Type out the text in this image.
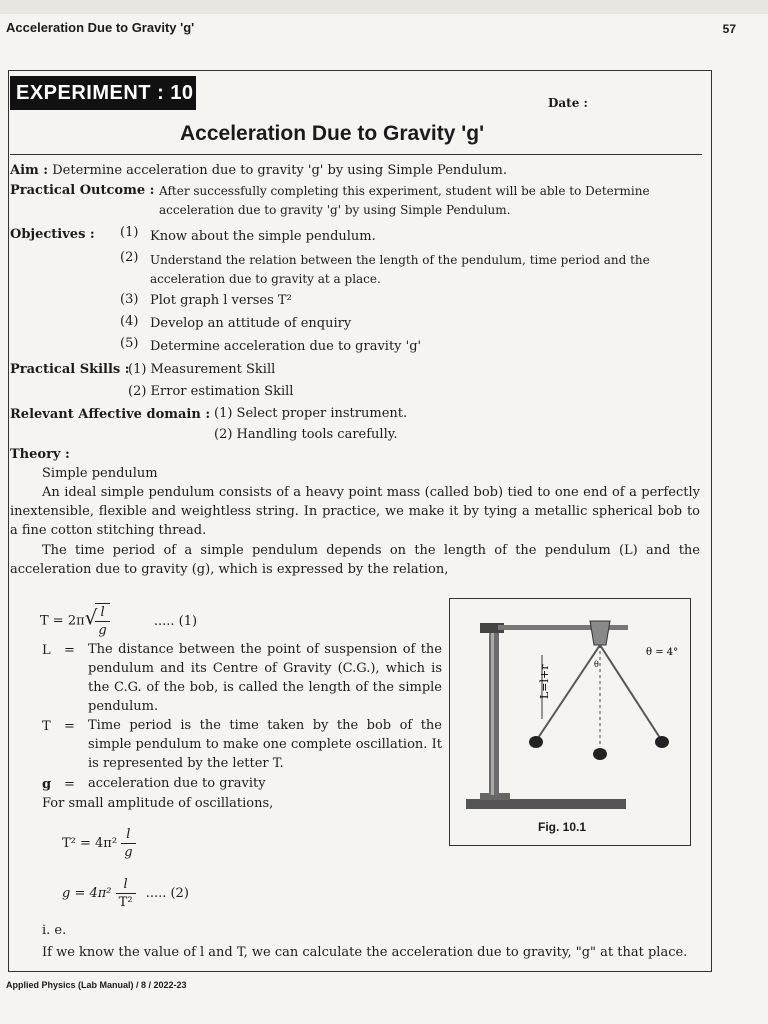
Acceleration Due to Gravity 'g'	57
EXPERIMENT : 10	Date :
Acceleration Due to Gravity 'g'
Aim : Determine acceleration due to gravity 'g' by using Simple Pendulum.
Practical Outcome : After successfully completing this experiment, student will be able to Determine
acceleration due to gravity 'g' by using Simple Pendulum.
Objectives : (1) Know about the simple pendulum.
(2) Understand the relation between the length of the pendulum, time period and the
acceleration due to gravity at a place.
(3) Plot graph l verses T²
(4) Develop an attitude of enquiry
(5) Determine acceleration due to gravity 'g'
Practical Skills :
(1) Measurement Skill
(2) Error estimation Skill
Relevant Affective domain : (1) Select proper instrument.
(2) Handling tools carefully.
Theory :
Simple pendulum
An ideal simple pendulum consists of a heavy point mass (called bob) tied to one end of a perfectly inextensible, flexible and weightless string. In practice, we make it by tying a metallic spherical bob to a fine cotton stitching thread.
The time period of a simple pendulum depends on the length of the pendulum (L) and the acceleration due to gravity (g), which is expressed by the relation,
T = 2π√
$\frac{l}{g}$	..... (1)
L = The distance between the point of suspension of the pendulum and its Centre of Gravity (C.G.), which is the C.G. of the bob, is called the length of the simple pendulum.
T = Time period is the time taken by the bob of the simple pendulum to make one complete oscillation. It is represented by the letter T.
g = acceleration due to gravity
For small amplitude of oscillations,
$T^2 = 4\pi^2 \frac{l}{g}$
$g = 4\pi^2 \frac{l}{\text{T²}}$ ..... (2)
i. e.
If we know the value of l and T, we can calculate the acceleration due to gravity, "g" at that place.
L=l+r	θ
θ = 4°
Fig. 10.1
Applied Physics (Lab Manual) / 8 / 2022-23
